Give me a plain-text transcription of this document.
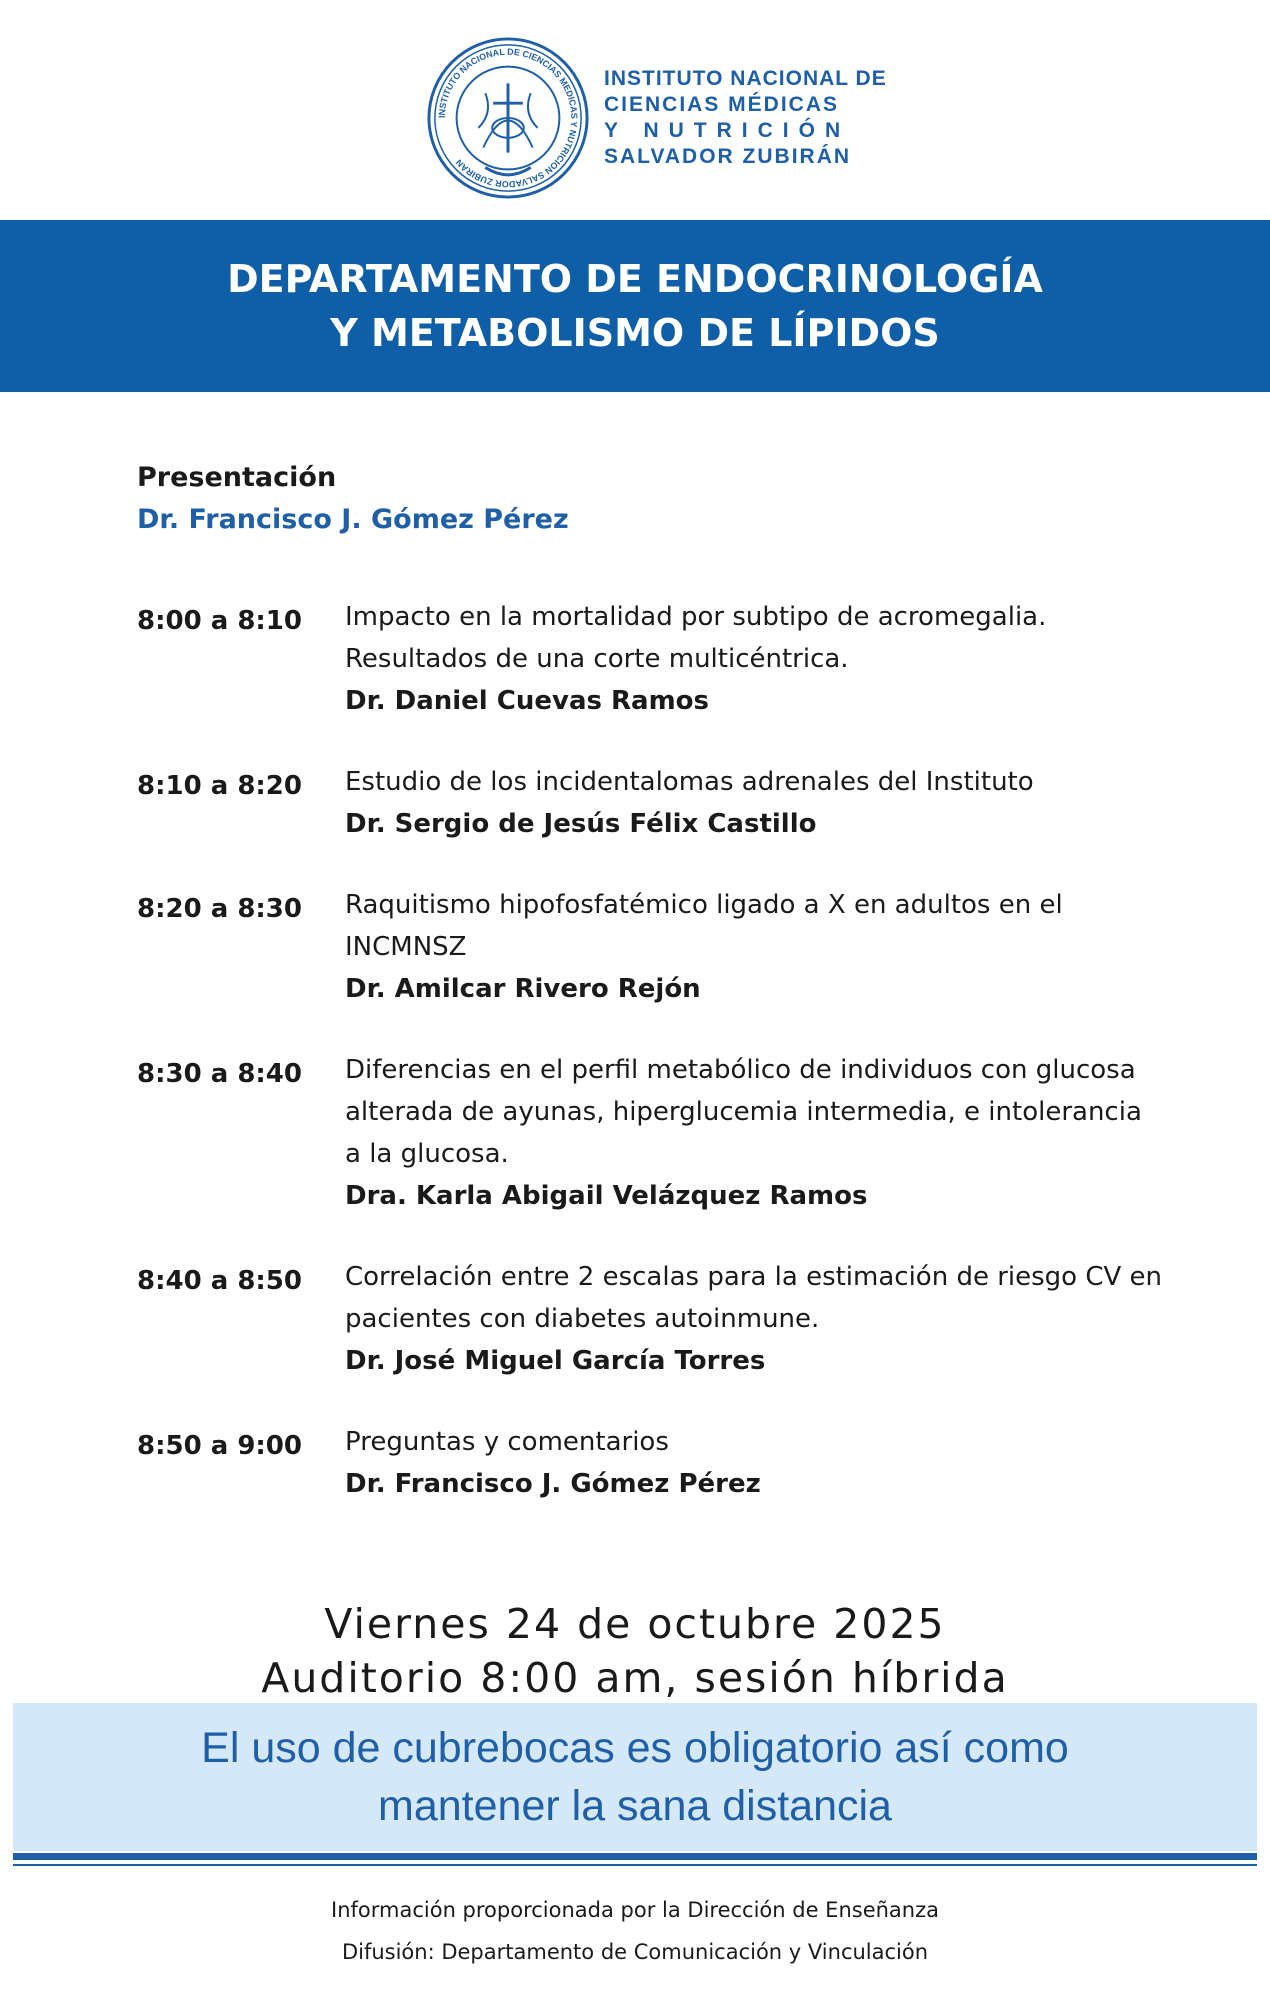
INSTITUTO NACIONAL DE CIENCIAS MEDICAS Y NUTRICION SALVADOR ZUBIRAN
INSTITUTO NACIONAL DE
CIENCIAS MÉDICAS
Y NUTRICIÓN
SALVADOR ZUBIRÁN
DEPARTAMENTO DE ENDOCRINOLOGÍA
Y METABOLISMO DE LÍPIDOS
Presentación
Dr. Francisco J. Gómez Pérez
8:00 a 8:10	Impacto en la mortalidad por subtipo de acromegalia.
Resultados de una corte multicéntrica.
Dr. Daniel Cuevas Ramos
8:10 a 8:20	Estudio de los incidentalomas adrenales del Instituto
Dr. Sergio de Jesús Félix Castillo
8:20 a 8:30	Raquitismo hipofosfatémico ligado a X en adultos en el
INCMNSZ
Dr. Amilcar Rivero Rejón
8:30 a 8:40	Diferencias en el perfil metabólico de individuos con glucosa
alterada de ayunas, hiperglucemia intermedia, e intolerancia
a la glucosa.
Dra. Karla Abigail Velázquez Ramos
8:40 a 8:50	Correlación entre 2 escalas para la estimación de riesgo CV en
pacientes con diabetes autoinmune.
Dr. José Miguel García Torres
8:50 a 9:00	Preguntas y comentarios
Dr. Francisco J. Gómez Pérez
Viernes 24 de octubre 2025
Auditorio 8:00 am, sesión híbrida
El uso de cubrebocas es obligatorio así como
mantener la sana distancia
Información proporcionada por la Dirección de Enseñanza
Difusión: Departamento de Comunicación y Vinculación
